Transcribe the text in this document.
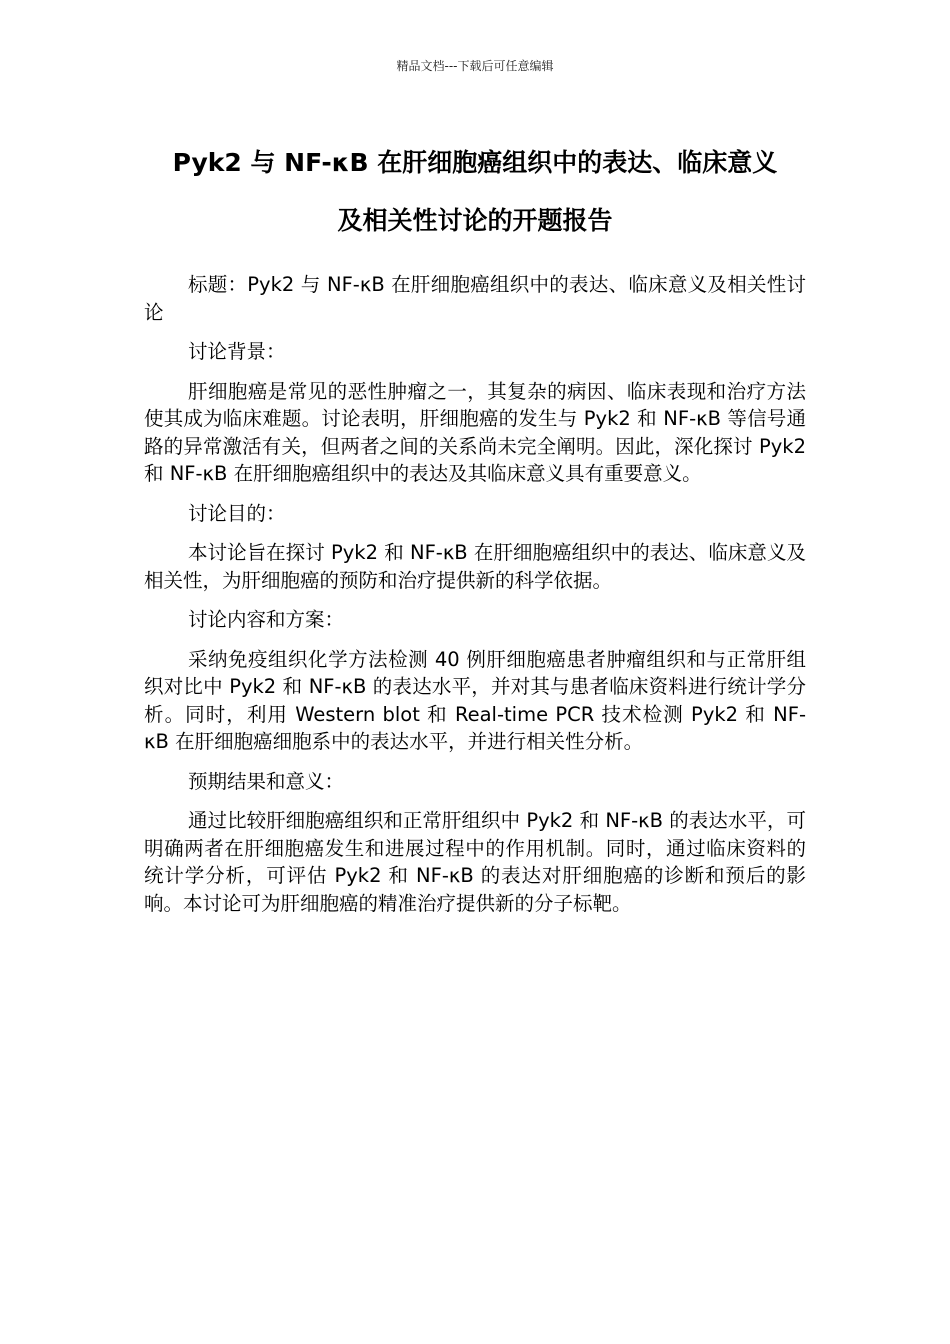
精品文档---下载后可任意编辑
Pyk2 与 NF-κB 在肝细胞癌组织中的表达、临床意义
及相关性讨论的开题报告

标题：Pyk2 与 NF-κB 在肝细胞癌组织中的表达、临床意义及相关性讨论

讨论背景：

肝细胞癌是常见的恶性肿瘤之一，其复杂的病因、临床表现和治疗方法使其成为临床难题。讨论表明，肝细胞癌的发生与 Pyk2 和 NF-κB 等信号通路的异常激活有关，但两者之间的关系尚未完全阐明。因此，深化探讨 Pyk2 和 NF-κB 在肝细胞癌组织中的表达及其临床意义具有重要意义。

讨论目的：

本讨论旨在探讨 Pyk2 和 NF-κB 在肝细胞癌组织中的表达、临床意义及相关性，为肝细胞癌的预防和治疗提供新的科学依据。

讨论内容和方案：

采纳免疫组织化学方法检测 40 例肝细胞癌患者肿瘤组织和与正常肝组织对比中 Pyk2 和 NF-κB 的表达水平，并对其与患者临床资料进行统计学分析。同时，利用 Western blot 和 Real-time PCR 技术检测 Pyk2 和 NF-κB 在肝细胞癌细胞系中的表达水平，并进行相关性分析。

预期结果和意义：

通过比较肝细胞癌组织和正常肝组织中 Pyk2 和 NF-κB 的表达水平，可明确两者在肝细胞癌发生和进展过程中的作用机制。同时，通过临床资料的统计学分析，可评估 Pyk2 和 NF-κB 的表达对肝细胞癌的诊断和预后的影响。本讨论可为肝细胞癌的精准治疗提供新的分子标靶。
